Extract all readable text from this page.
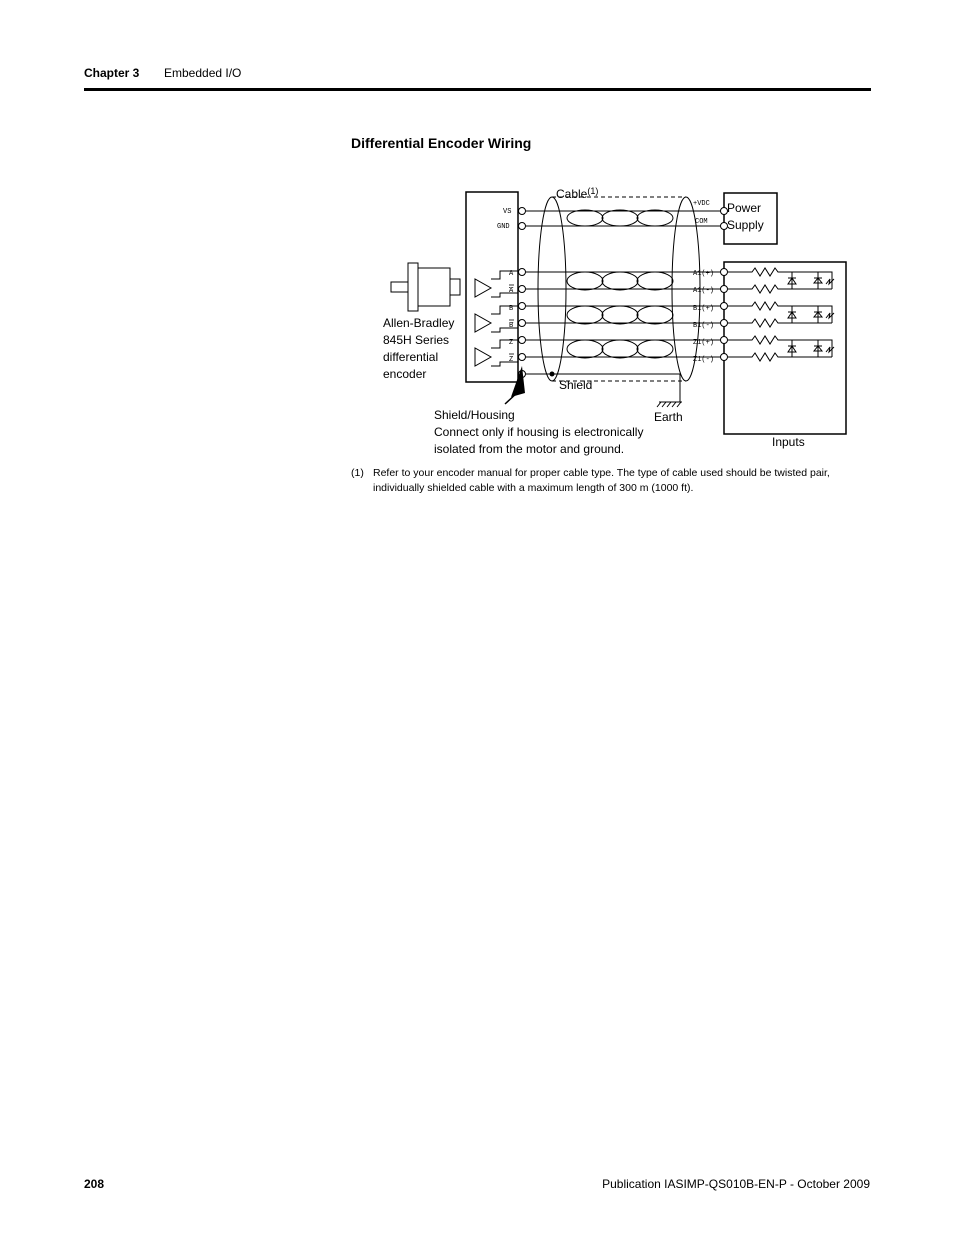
Chapter 3 Embedded I/O
Differential Encoder Wiring
VS
GND
A
A
B
B
Z
Z
Power
Supply
+VDC
COM
Inputs
A1(+)
A1(-)
B1(+)
B1(-)
Z1(+)
Z1(-)
Cable$^{(1)}$
Allen-Bradley
845H Series
differential
encoder
Shield
Earth
Shield/Housing
Connect only if housing is electronically
isolated from the motor and ground.
(1) Refer to your encoder manual for proper cable type. The type of cable used should be twisted pair, individually shielded cable with a maximum length of 300 m (1000 ft).
208	Publication IASIMP-QS010B-EN-P - October 2009
